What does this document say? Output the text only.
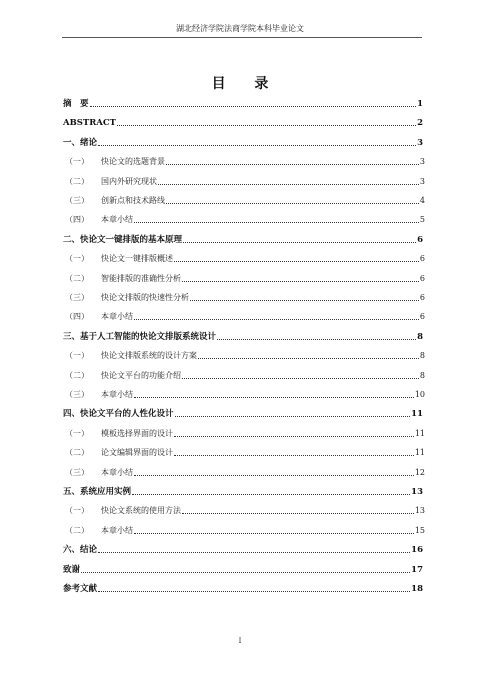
湖北经济学院法商学院本科毕业论文
目 录
摘　要	1
ABSTRACT	2
一、绪论	3
（一）	快论文的选题背景	3
（二）	国内外研究现状	3
（三）	创新点和技术路线	4
（四）	本章小结	5
二、快论文一键排版的基本原理	6
（一）	快论文一键排版概述	6
（二）	智能排版的准确性分析	6
（三）	快论文排版的快速性分析	6
（四）	本章小结	6
三、基于人工智能的快论文排版系统设计	8
（一）	快论文排版系统的设计方案	8
（二）	快论文平台的功能介绍	8
（三）	本章小结	10
四、快论文平台的人性化设计	11
（一）	模板选择界面的设计	11
（二）	论文编辑界面的设计	11
（三）	本章小结	12
五、系统应用实例	13
（一）	快论文系统的使用方法	13
（二）	本章小结	15
六、结论	16
致谢	17
参考文献	18
I
